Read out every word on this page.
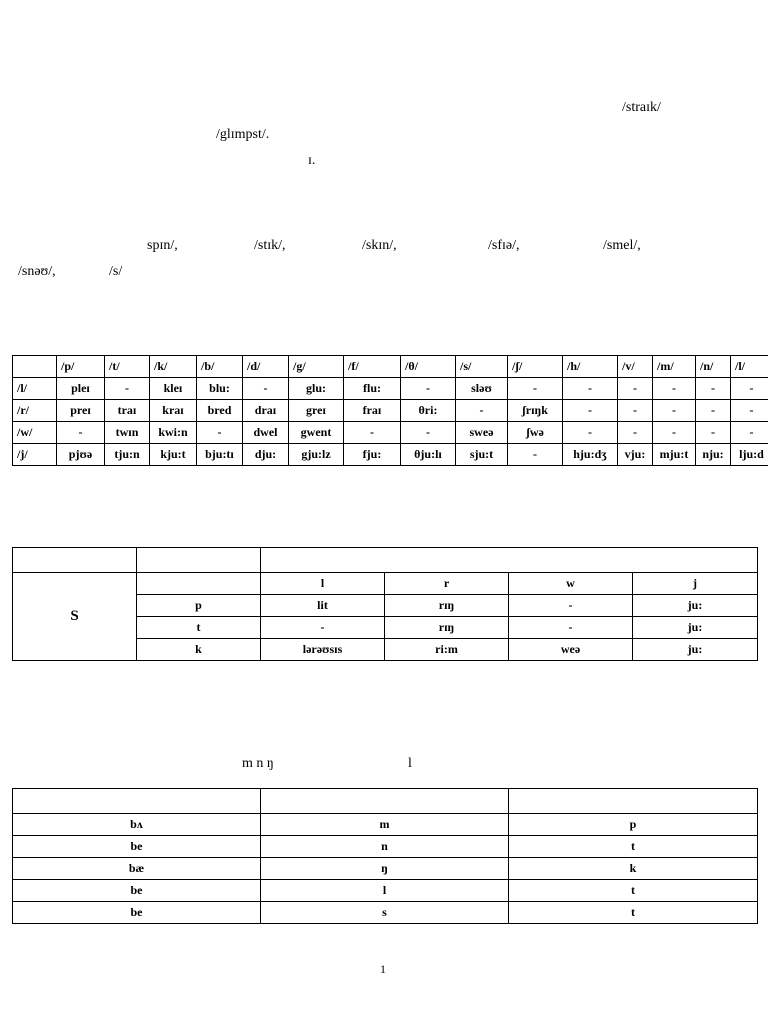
/straɪk/
/glɪmpst/.
ɪ.
spɪn/,	/stɪk/,	/skɪn/,	/sfɪə/,	/smel/,
/snəʊ/,	/s/
	/p/	/t/	/k/	/b/	/d/	/g/	/f/	/θ/	/s/	/ʃ/	/h/	/v/	/m/	/n/	/l/
/l/	pleɪ	-	kleɪ	blu:	-	glu:	flu:	-	sləʊ	-	-	-	-	-	-
/r/	preɪ	traɪ	kraɪ	bred	draɪ	greɪ	fraɪ	θri:	-	ʃrɪŋk	-	-	-	-	-
/w/	-	twɪn	kwi:n	-	dwel	gwent	-	-	sweə	ʃwə	-	-	-	-	-
/j/	pjʊə	tju:n	kju:t	bju:tɪ	dju:	gju:lz	fju:	θju:lɪ	sju:t	-	hju:dʒ	vju:	mju:t	nju:	lju:d

S		l	r	w	j
	p	lit	rɪŋ	-	ju:
	t	-	rɪŋ	-	ju:
	k	lərəʊsɪs	ri:m	weə	ju:
m n ŋ	l

bʌ	m	p
be	n	t
bæ	ŋ	k
be	l	t
be	s	t
1
